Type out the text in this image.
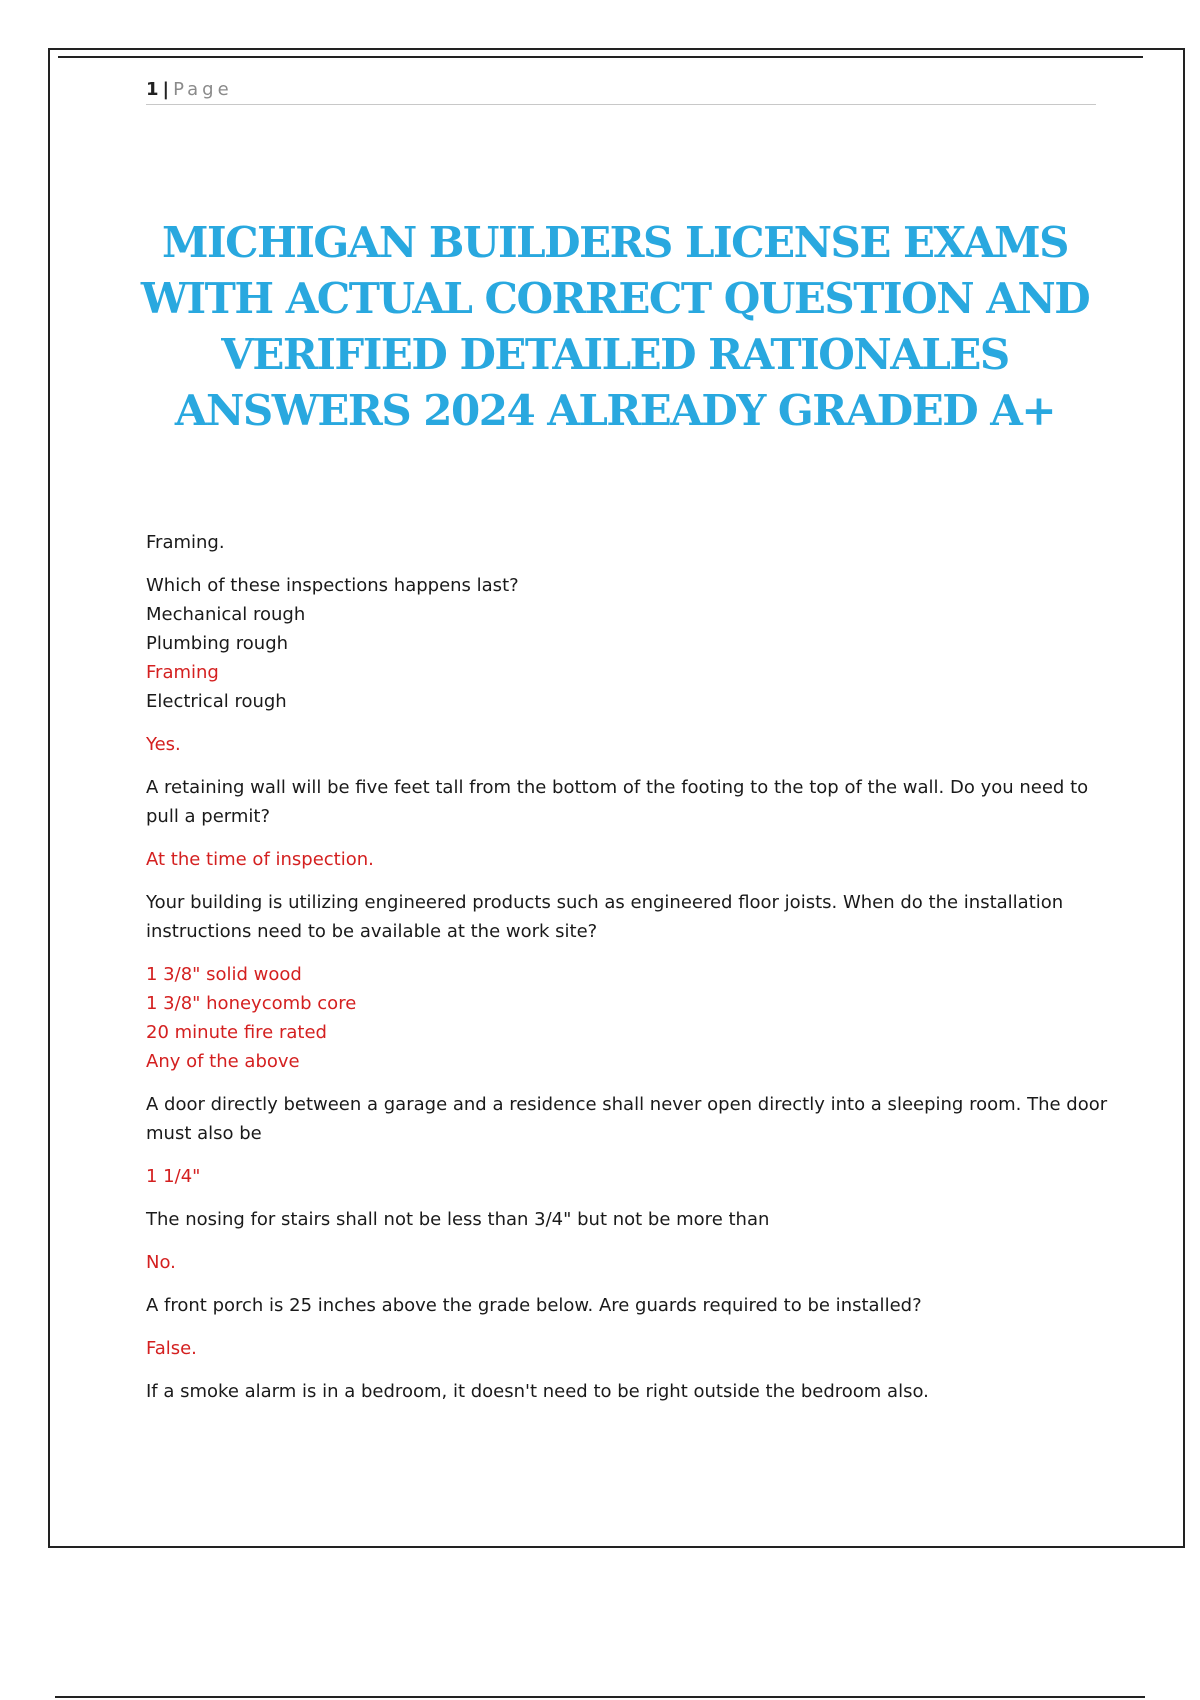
1 | Page
MICHIGAN BUILDERS LICENSE EXAMS WITH ACTUAL CORRECT QUESTION AND VERIFIED DETAILED RATIONALES ANSWERS 2024 ALREADY GRADED A+

Framing.

Which of these inspections happens last?

Mechanical rough

Plumbing rough

Framing

Electrical rough

Yes.

A retaining wall will be five feet tall from the bottom of the footing to the top of the wall. Do you need to pull a permit?

At the time of inspection.

Your building is utilizing engineered products such as engineered floor joists. When do the installation instructions need to be available at the work site?

1 3/8" solid wood

1 3/8" honeycomb core

20 minute fire rated

Any of the above

A door directly between a garage and a residence shall never open directly into a sleeping room. The door must also be

1 1/4"

The nosing for stairs shall not be less than 3/4" but not be more than

No.

A front porch is 25 inches above the grade below. Are guards required to be installed?

False.

If a smoke alarm is in a bedroom, it doesn't need to be right outside the bedroom also.
